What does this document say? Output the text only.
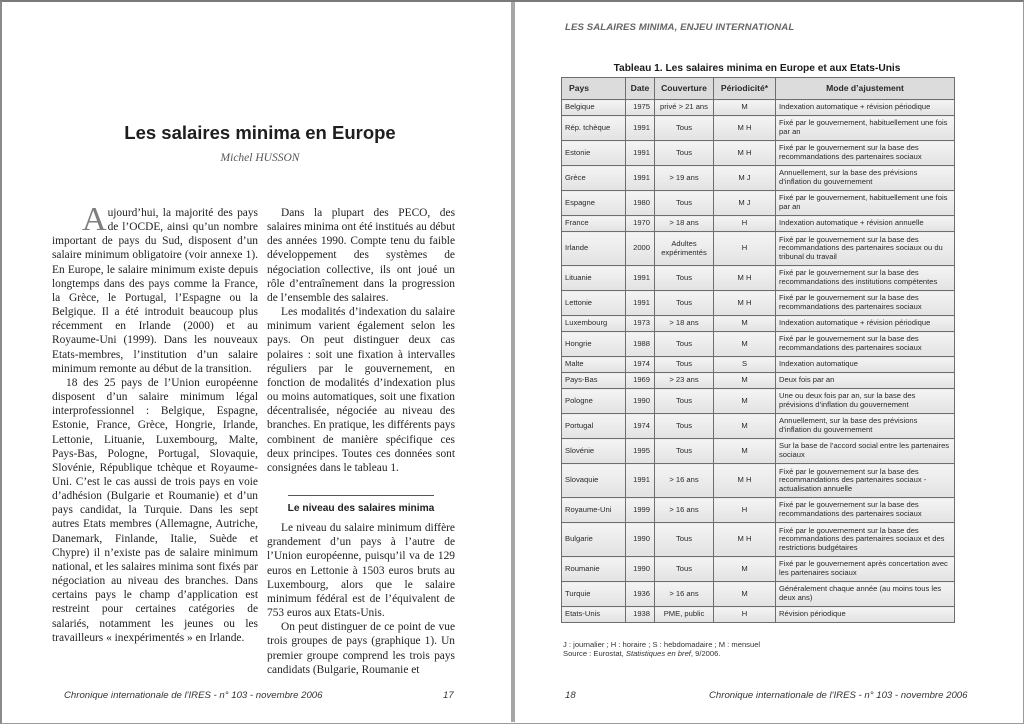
Les salaires minima en Europe
Michel HUSSON

Aujourd’hui, la majorité des pays de l’OCDE, ainsi qu’un nombre important de pays du Sud, disposent d’un salaire minimum obligatoire (voir annexe 1). En Europe, le salaire minimum existe depuis longtemps dans des pays comme la France, la Grèce, le Portugal, l’Espagne ou la Belgique. Il a été introduit beaucoup plus récemment en Irlande (2000) et au Royaume-Uni (1999). Dans les nouveaux Etats-membres, l’institution d’un salaire minimum remonte au début de la transition.

18 des 25 pays de l’Union européenne disposent d’un salaire minimum légal interprofessionnel : Belgique, Espagne, Estonie, France, Grèce, Hongrie, Irlande, Lettonie, Lituanie, Luxembourg, Malte, Pays-Bas, Pologne, Portugal, Slovaquie, Slovénie, République tchèque et Royaume-Uni. C’est le cas aussi de trois pays en voie d’adhésion (Bulgarie et Roumanie) et d’un pays candidat, la Turquie. Dans les sept autres Etats membres (Allemagne, Autriche, Danemark, Finlande, Italie, Suède et Chypre) il n’existe pas de salaire minimum national, et les salaires minima sont fixés par négociation au niveau des branches. Dans certains pays le champ d’application est restreint pour certaines catégories de salariés, notamment les jeunes ou les travailleurs « inexpérimentés » en Irlande.

Dans la plupart des PECO, des salaires minima ont été institués au début des années 1990. Compte tenu du faible développement des systèmes de négociation collective, ils ont joué un rôle d’entraînement dans la progression de l’ensemble des salaires.

Les modalités d’indexation du salaire minimum varient également selon les pays. On peut distinguer deux cas polaires : soit une fixation à intervalles réguliers par le gouvernement, en fonction de modalités d’indexation plus ou moins automatiques, soit une fixation décentralisée, négociée au niveau des branches. En pratique, les différents pays combinent de manière spécifique ces deux principes. Toutes ces données sont consignées dans le tableau 1.

Le niveau des salaires minima

Le niveau du salaire minimum diffère grandement d’un pays à l’autre de l’Union européenne, puisqu’il va de 129 euros en Lettonie à 1503 euros bruts au Luxembourg, alors que le salaire minimum fédéral est de l’équivalent de 753 euros aux Etats-Unis.

On peut distinguer de ce point de vue trois groupes de pays (graphique 1). Un premier groupe comprend les trois pays candidats (Bulgarie, Roumanie et

Chronique internationale de l'IRES - n° 103 - novembre 2006	17
LES SALAIRES MINIMA, ENJEU INTERNATIONAL
Tableau 1. Les salaires minima en Europe et aux Etats-Unis
Pays	Date	Couverture	Périodicité*	Mode d’ajustement
Belgique	1975	privé > 21 ans	M	Indexation automatique + révision périodique
Rép. tchèque	1991	Tous	M H	Fixé par le gouvernement, habituellement une fois par an
Estonie	1991	Tous	M H	Fixé par le gouvernement sur la base des recommandations des partenaires sociaux
Grèce	1991	> 19 ans	M J	Annuellement, sur la base des prévisions d’inflation du gouvernement
Espagne	1980	Tous	M J	Fixé par le gouvernement, habituellement une fois par an
France	1970	> 18 ans	H	Indexation automatique + révision annuelle
Irlande	2000	Adultes expérimentés	H	Fixé par le gouvernement sur la base des recommandations des partenaires sociaux ou du tribunal du travail
Lituanie	1991	Tous	M H	Fixé par le gouvernement sur la base des recommandations des institutions compétentes
Lettonie	1991	Tous	M H	Fixé par le gouvernement sur la base des recommandations des partenaires sociaux
Luxembourg	1973	> 18 ans	M	Indexation automatique + révision périodique
Hongrie	1988	Tous	M	Fixé par le gouvernement sur la base des recommandations des partenaires sociaux
Malte	1974	Tous	S	Indexation automatique
Pays-Bas	1969	> 23 ans	M	Deux fois par an
Pologne	1990	Tous	M	Une ou deux fois par an, sur la base des prévisions d’inflation du gouvernement
Portugal	1974	Tous	M	Annuellement, sur la base des prévisions d’inflation du gouvernement
Slovénie	1995	Tous	M	Sur la base de l’accord social entre les partenaires sociaux
Slovaquie	1991	> 16 ans	M H	Fixé par le gouvernement sur la base des recommandations des partenaires sociaux - actualisation annuelle
Royaume-Uni	1999	> 16 ans	H	Fixé par le gouvernement sur la base des recommandations des partenaires sociaux
Bulgarie	1990	Tous	M H	Fixé par le gouvernement sur la base des recommandations des partenaires sociaux et des restrictions budgétaires
Roumanie	1990	Tous	M	Fixé par le gouvernement après concertation avec les partenaires sociaux
Turquie	1936	> 16 ans	M	Généralement chaque année (au moins tous les deux ans)
Etats-Unis	1938	PME, public	H	Révision périodique
J : journalier ; H : horaire ; S : hebdomadaire ; M : mensuel
Source : Eurostat, Statistiques en bref, 9/2006.
18	Chronique internationale de l'IRES - n° 103 - novembre 2006
